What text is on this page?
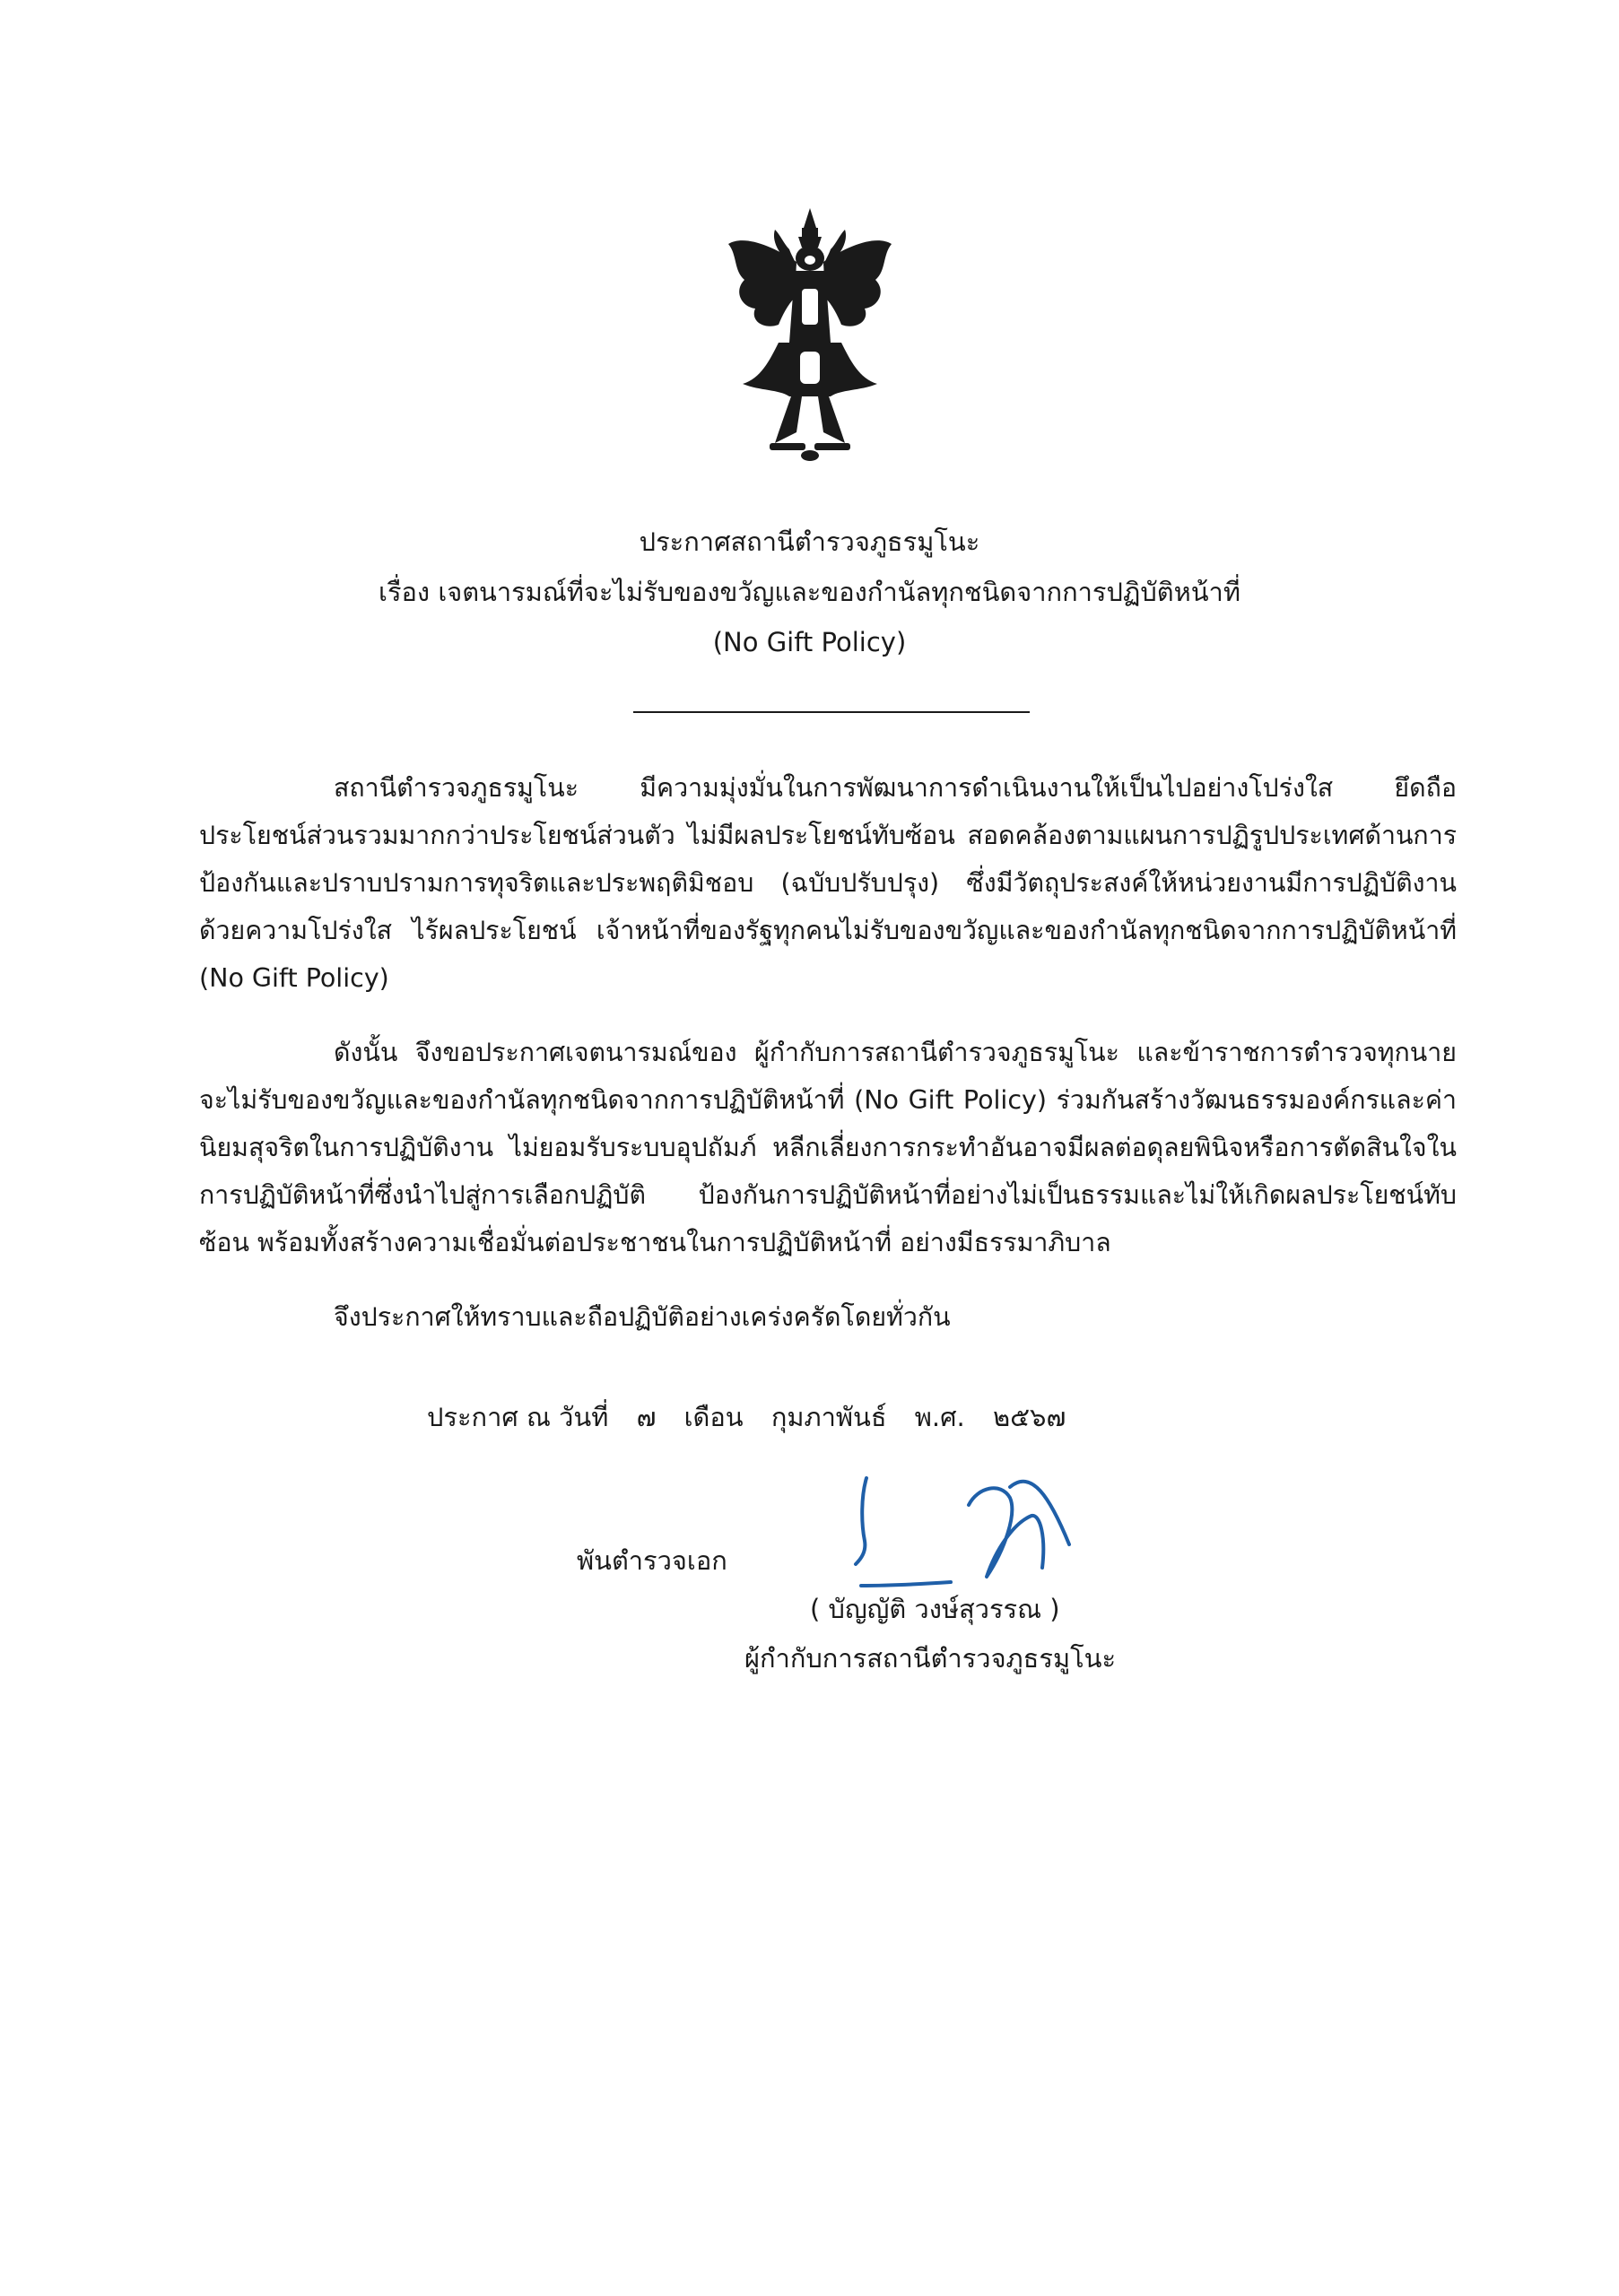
ประกาศสถานีตำรวจภูธรมูโนะ
เรื่อง เจตนารมณ์ที่จะไม่รับของขวัญและของกำนัลทุกชนิดจากการปฏิบัติหน้าที่
(No Gift Policy)
สถานีตำรวจภูธรมูโนะ มีความมุ่งมั่นในการพัฒนาการดำเนินงานให้เป็นไปอย่างโปร่งใส ยึดถือประโยชน์ส่วนรวมมากกว่าประโยชน์ส่วนตัว ไม่มีผลประโยชน์ทับซ้อน สอดคล้องตามแผนการปฏิรูปประเทศด้านการป้องกันและปราบปรามการทุจริตและประพฤติมิชอบ (ฉบับปรับปรุง) ซึ่งมีวัตถุประสงค์ให้หน่วยงานมีการปฏิบัติงานด้วยความโปร่งใส ไร้ผลประโยชน์ เจ้าหน้าที่ของรัฐทุกคนไม่รับของขวัญและของกำนัลทุกชนิดจากการปฏิบัติหน้าที่ (No Gift Policy)
ดังนั้น จึงขอประกาศเจตนารมณ์ของ ผู้กำกับการสถานีตำรวจภูธรมูโนะ และข้าราชการตำรวจทุกนายจะไม่รับของขวัญและของกำนัลทุกชนิดจากการปฏิบัติหน้าที่ (No Gift Policy) ร่วมกันสร้างวัฒนธรรมองค์กรและค่านิยมสุจริตในการปฏิบัติงาน ไม่ยอมรับระบบอุปถัมภ์ หลีกเลี่ยงการกระทำอันอาจมีผลต่อดุลยพินิจหรือการตัดสินใจในการปฏิบัติหน้าที่ซึ่งนำไปสู่การเลือกปฏิบัติ ป้องกันการปฏิบัติหน้าที่อย่างไม่เป็นธรรมและไม่ให้เกิดผลประโยชน์ทับซ้อน พร้อมทั้งสร้างความเชื่อมั่นต่อประชาชนในการปฏิบัติหน้าที่ อย่างมีธรรมาภิบาล
จึงประกาศให้ทราบและถือปฏิบัติอย่างเคร่งครัดโดยทั่วกัน
ประกาศ ณ วันที่ ๗ เดือน กุมภาพันธ์ พ.ศ. ๒๕๖๗
พันตำรวจเอก
( บัญญัติ วงษ์สุวรรณ )
ผู้กำกับการสถานีตำรวจภูธรมูโนะ
